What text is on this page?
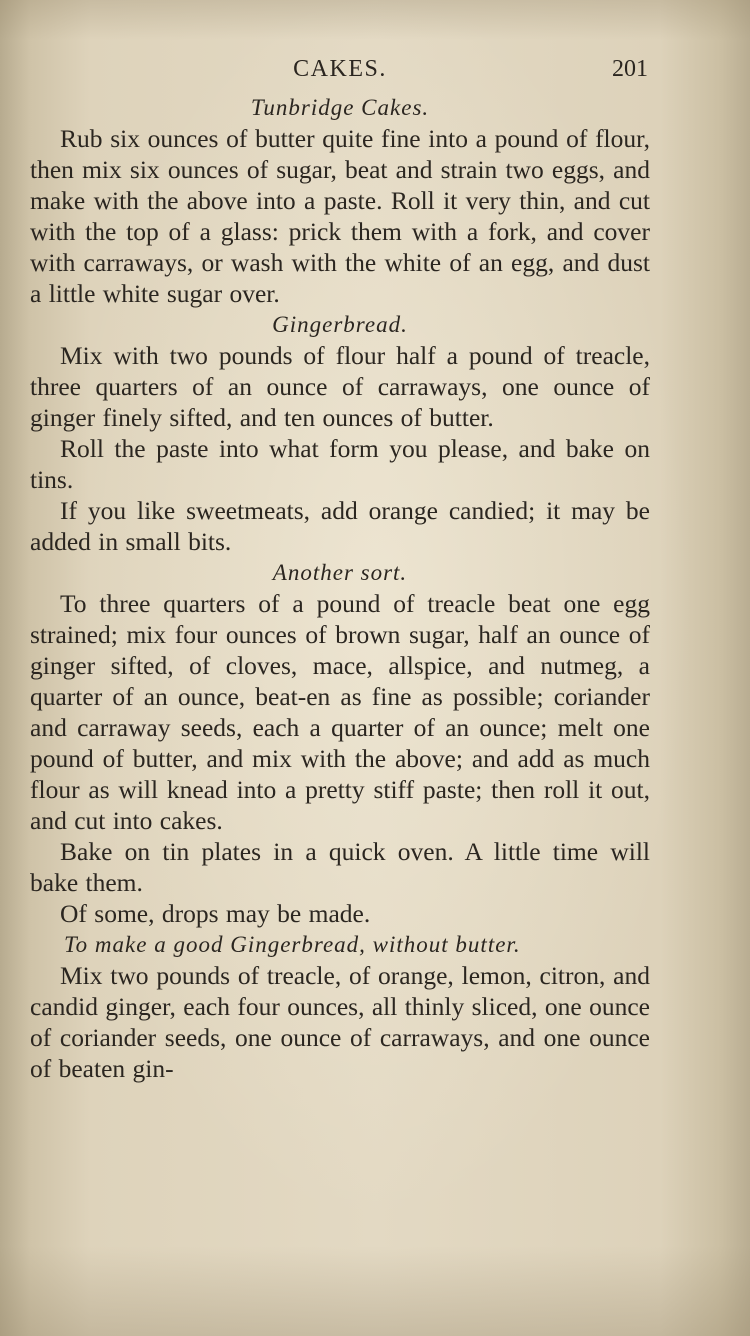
CAKES.	201
Tunbridge Cakes.

Rub six ounces of butter quite fine into a pound of flour, then mix six ounces of sugar, beat and strain two eggs, and make with the above into a paste. Roll it very thin, and cut with the top of a glass: prick them with a fork, and cover with carraways, or wash with the white of an egg, and dust a little white sugar over.

Gingerbread.

Mix with two pounds of flour half a pound of treacle, three quarters of an ounce of carraways, one ounce of ginger finely sifted, and ten ounces of butter.

Roll the paste into what form you please, and bake on tins.

If you like sweetmeats, add orange candied; it may be added in small bits.

Another sort.

To three quarters of a pound of treacle beat one egg strained; mix four ounces of brown sugar, half an ounce of ginger sifted, of cloves, mace, allspice, and nutmeg, a quarter of an ounce, beat-en as fine as possible; coriander and carraway seeds, each a quarter of an ounce; melt one pound of butter, and mix with the above; and add as much flour as will knead into a pretty stiff paste; then roll it out, and cut into cakes.

Bake on tin plates in a quick oven. A little time will bake them.

Of some, drops may be made.

To make a good Gingerbread, without butter.

Mix two pounds of treacle, of orange, lemon, citron, and candid ginger, each four ounces, all thinly sliced, one ounce of coriander seeds, one ounce of carraways, and one ounce of beaten gin-
